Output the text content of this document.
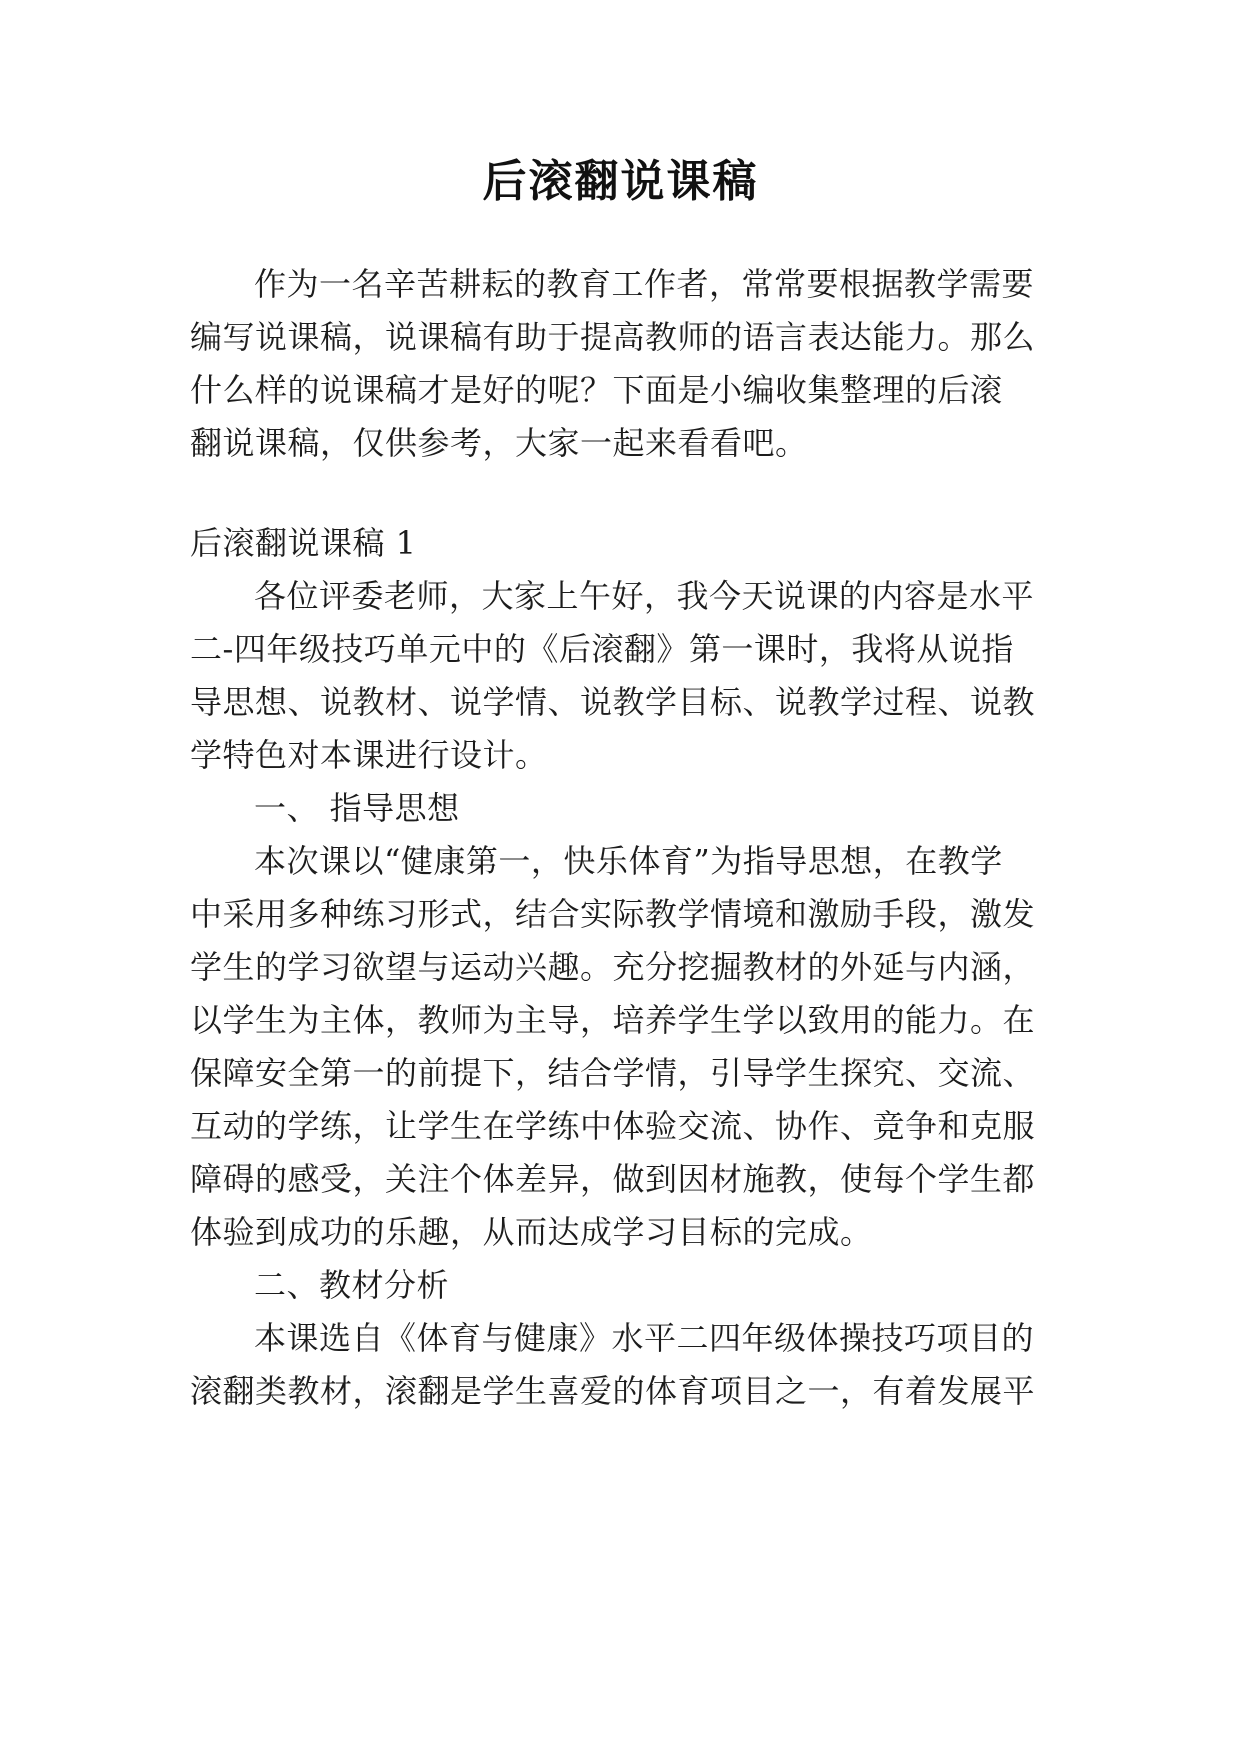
后滚翻说课稿
作为一名辛苦耕耘的教育工作者，常常要根据教学需要
编写说课稿，说课稿有助于提高教师的语言表达能力。那么
什么样的说课稿才是好的呢？下面是小编收集整理的后滚
翻说课稿，仅供参考，大家一起来看看吧。
后滚翻说课稿 1
各位评委老师，大家上午好，我今天说课的内容是水平
二-四年级技巧单元中的《后滚翻》第一课时，我将从说指
导思想、说教材、说学情、说教学目标、说教学过程、说教
学特色对本课进行设计。
一、 指导思想
本次课以“健康第一，快乐体育”为指导思想，在教学
中采用多种练习形式，结合实际教学情境和激励手段，激发
学生的学习欲望与运动兴趣。充分挖掘教材的外延与内涵，
以学生为主体，教师为主导，培养学生学以致用的能力。在
保障安全第一的前提下，结合学情，引导学生探究、交流、
互动的学练，让学生在学练中体验交流、协作、竞争和克服
障碍的感受，关注个体差异，做到因材施教，使每个学生都
体验到成功的乐趣，从而达成学习目标的完成。
二、教材分析
本课选自《体育与健康》水平二四年级体操技巧项目的
滚翻类教材，滚翻是学生喜爱的体育项目之一，有着发展平
